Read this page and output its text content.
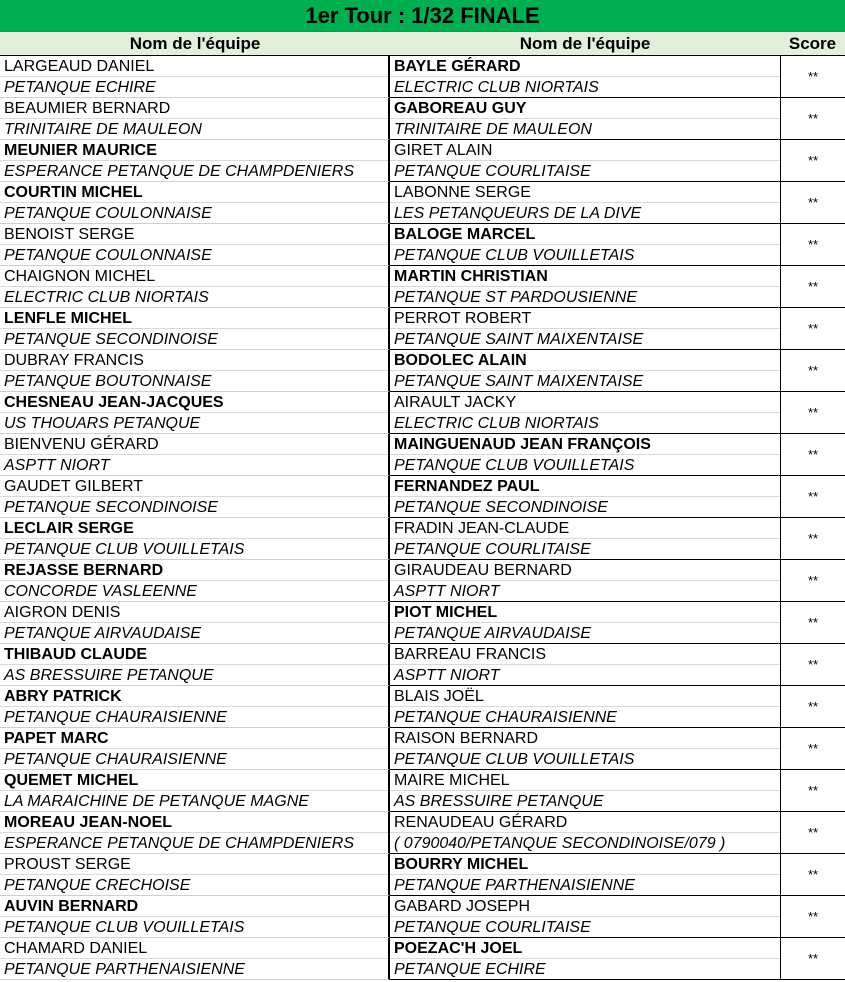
1er Tour : 1/32 FINALE
Nom de l'équipe	Nom de l'équipe	Score
LARGEAUD DANIEL
PETANQUE ECHIRE
BAYLE GÉRARD
ELECTRIC CLUB NIORTAIS
**
BEAUMIER BERNARD
TRINITAIRE DE MAULEON
GABOREAU GUY
TRINITAIRE DE MAULEON
**
MEUNIER MAURICE
ESPERANCE PETANQUE DE CHAMPDENIERS
GIRET ALAIN
PETANQUE COURLITAISE
**
COURTIN MICHEL
PETANQUE COULONNAISE
LABONNE SERGE
LES PETANQUEURS DE LA DIVE
**
BENOIST SERGE
PETANQUE COULONNAISE
BALOGE MARCEL
PETANQUE CLUB VOUILLETAIS
**
CHAIGNON MICHEL
ELECTRIC CLUB NIORTAIS
MARTIN CHRISTIAN
PETANQUE ST PARDOUSIENNE
**
LENFLE MICHEL
PETANQUE SECONDINOISE
PERROT ROBERT
PETANQUE SAINT MAIXENTAISE
**
DUBRAY FRANCIS
PETANQUE BOUTONNAISE
BODOLEC ALAIN
PETANQUE SAINT MAIXENTAISE
**
CHESNEAU JEAN-JACQUES
US THOUARS PETANQUE
AIRAULT JACKY
ELECTRIC CLUB NIORTAIS
**
BIENVENU GÉRARD
ASPTT NIORT
MAINGUENAUD JEAN FRANÇOIS
PETANQUE CLUB VOUILLETAIS
**
GAUDET GILBERT
PETANQUE SECONDINOISE
FERNANDEZ PAUL
PETANQUE SECONDINOISE
**
LECLAIR SERGE
PETANQUE CLUB VOUILLETAIS
FRADIN JEAN-CLAUDE
PETANQUE COURLITAISE
**
REJASSE BERNARD
CONCORDE VASLEENNE
GIRAUDEAU BERNARD
ASPTT NIORT
**
AIGRON DENIS
PETANQUE AIRVAUDAISE
PIOT MICHEL
PETANQUE AIRVAUDAISE
**
THIBAUD CLAUDE
AS BRESSUIRE PETANQUE
BARREAU FRANCIS
ASPTT NIORT
**
ABRY PATRICK
PETANQUE CHAURAISIENNE
BLAIS JOËL
PETANQUE CHAURAISIENNE
**
PAPET MARC
PETANQUE CHAURAISIENNE
RAISON BERNARD
PETANQUE CLUB VOUILLETAIS
**
QUEMET MICHEL
LA MARAICHINE DE PETANQUE MAGNE
MAIRE MICHEL
AS BRESSUIRE PETANQUE
**
MOREAU JEAN-NOEL
ESPERANCE PETANQUE DE CHAMPDENIERS
RENAUDEAU GÉRARD
( 0790040/PETANQUE SECONDINOISE/079 )
**
PROUST SERGE
PETANQUE CRECHOISE
BOURRY MICHEL
PETANQUE PARTHENAISIENNE
**
AUVIN BERNARD
PETANQUE CLUB VOUILLETAIS
GABARD JOSEPH
PETANQUE COURLITAISE
**
CHAMARD DANIEL
PETANQUE PARTHENAISIENNE
POEZAC'H JOEL
PETANQUE ECHIRE
**
